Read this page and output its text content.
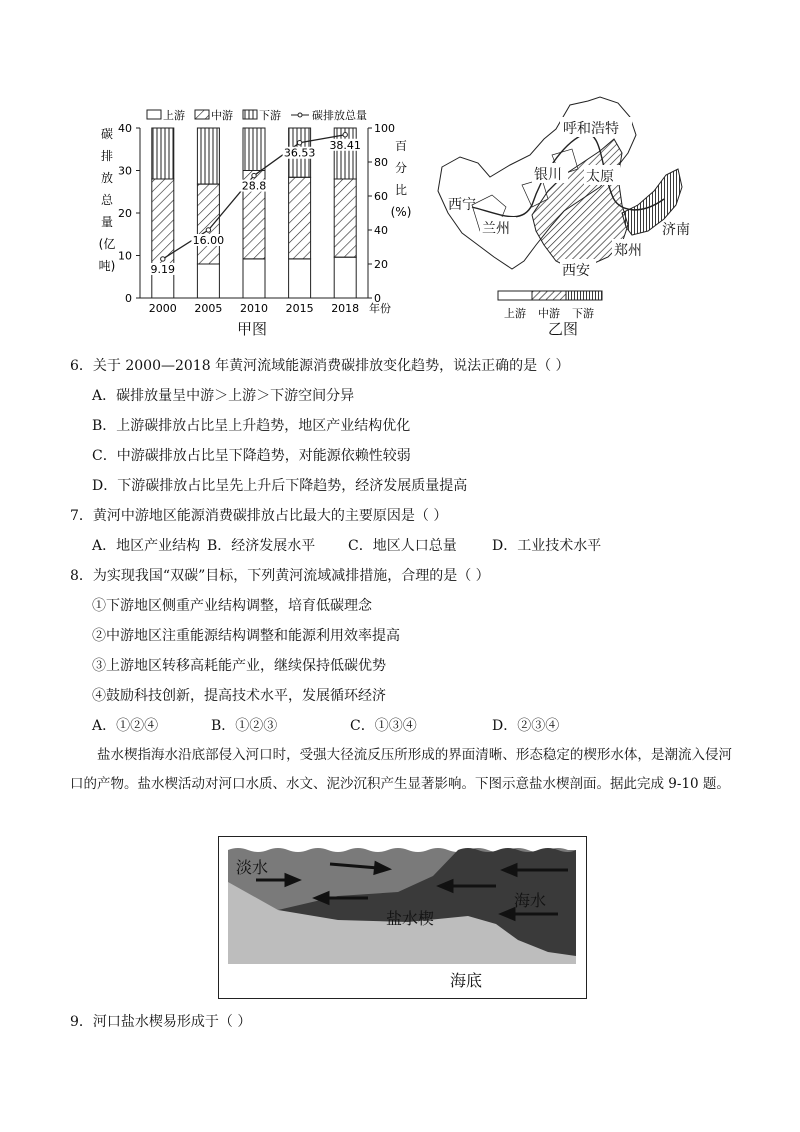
上游 中游 下游	碳排放总量
碳
排
放
总
量
(亿
吨)
百
分
比
(%)
0
10
20
30
40
0
20
40
60
80
100
9.19
16.00
28.8
36.53
38.41
2000 2005 2010 2015 2018 年份
甲图
呼和浩特
银川 太原
西宁
兰州	济南
郑州
西安
上游 中游 下游
乙图
6．关于 2000—2018 年黄河流域能源消费碳排放变化趋势，说法正确的是（ ）
A．碳排放量呈中游＞上游＞下游空间分异
B．上游碳排放占比呈上升趋势，地区产业结构优化
C．中游碳排放占比呈下降趋势，对能源依赖性较弱
D．下游碳排放占比呈先上升后下降趋势，经济发展质量提高
7．黄河中游地区能源消费碳排放占比最大的主要原因是（ ）
A．地区产业结构 B．经济发展水平 C．地区人口总量	D．工业技术水平
8．为实现我国“双碳”目标，下列黄河流域减排措施，合理的是（ ）
①下游地区侧重产业结构调整，培育低碳理念
②中游地区注重能源结构调整和能源利用效率提高
③上游地区转移高耗能产业，继续保持低碳优势
④鼓励科技创新，提高技术水平，发展循环经济
A．①②④	B．①②③	C．①③④	D．②③④
盐水楔指海水沿底部侵入河口时，受强大径流反压所形成的界面清晰、形态稳定的楔形水体，是潮流入侵河口的产物。盐水楔活动对河口水质、水文、泥沙沉积产生显著影响。下图示意盐水楔剖面。据此完成 9-10 题。
淡水
海水
盐水楔
海底
9．河口盐水楔易形成于（ ）
